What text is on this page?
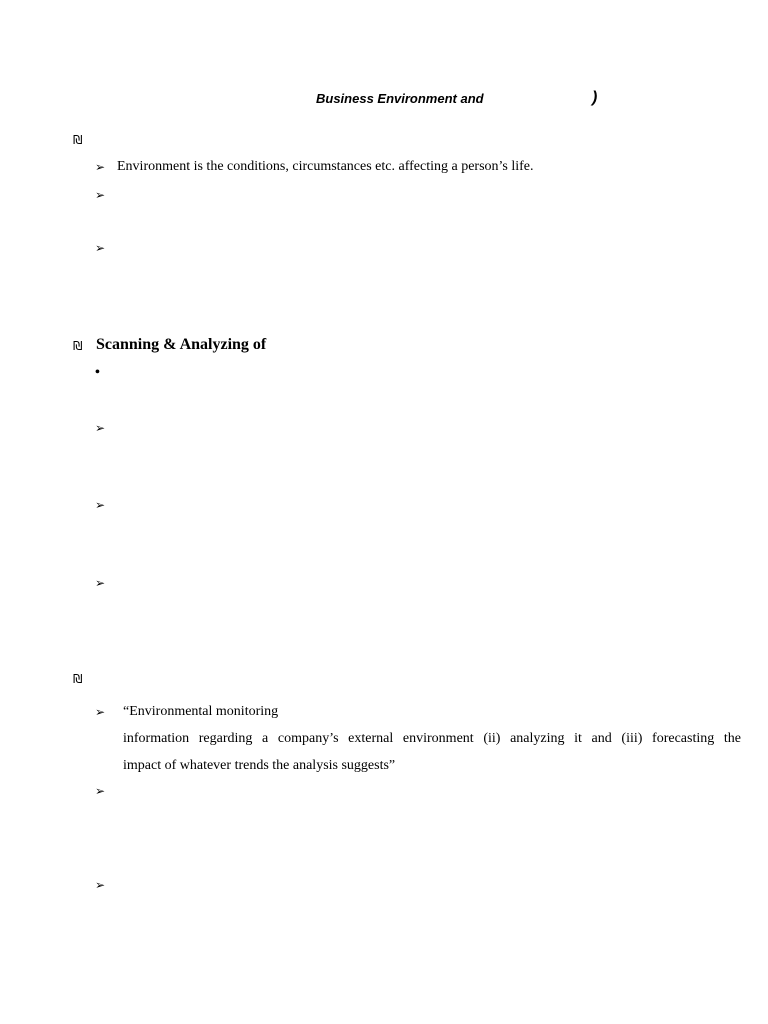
Business Environment and	)
₪
➢ Environment is the conditions, circumstances etc. affecting a person’s life.
➢
➢
₪ Scanning & Analyzing of
•
➢
➢
➢
₪
➢ “Environmental monitoring
information regarding a company’s external environment (ii) analyzing it and (iii) forecasting the
impact of whatever trends the analysis suggests”
➢
➢
